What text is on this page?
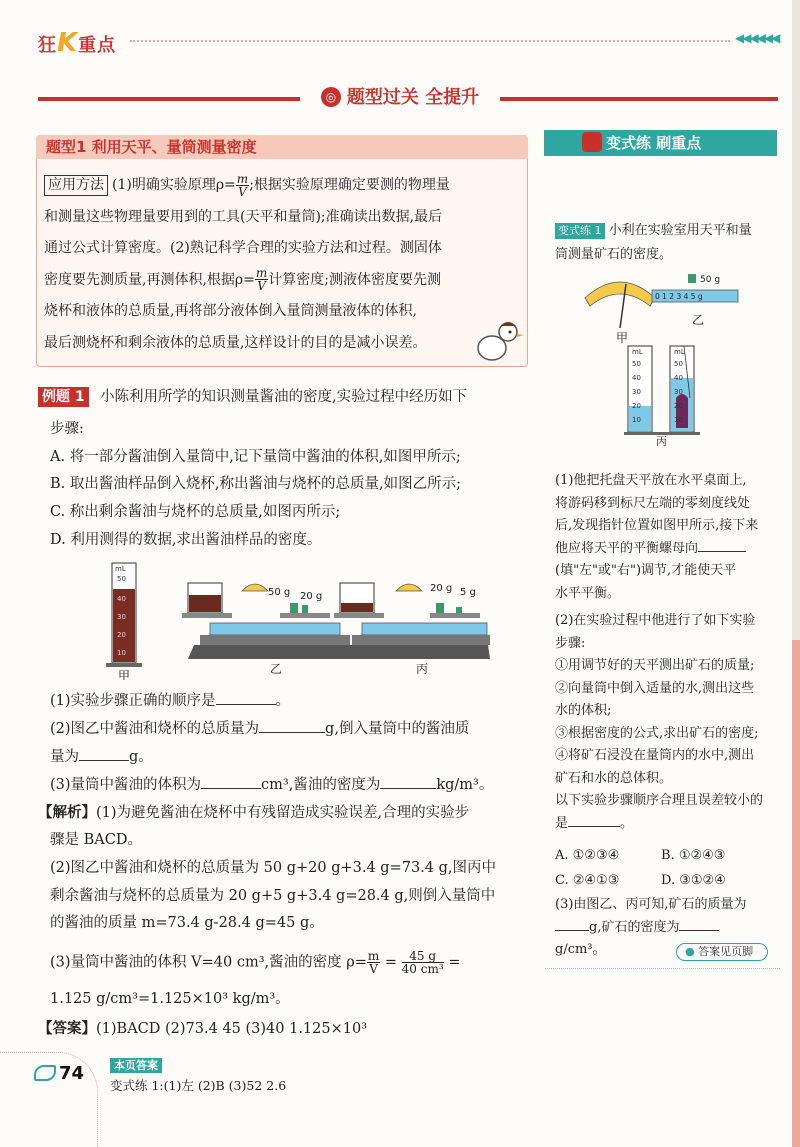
狂K重点	◀◀◀◀◀◀
◎ 题型过关 全提升
题型1 利用天平、量筒测量密度
应用方法 (1)明确实验原理$\rho= \frac{m}{V}$ ;根据实验原理确定要测的物理量
和测量这些物理量要用到的工具(天平和量筒);准确读出数据,最后
通过公式计算密度。(2)熟记科学合理的实验方法和过程。测固体
密度要先测质量,再测体积,根据$\rho= \frac{m}{V}$ 计算密度;测液体密度要先测
烧杯和液体的总质量,再将部分液体倒入量筒测量液体的体积,
最后测烧杯和剩余液体的总质量,这样设计的目的是减小误差。
例题 1 小陈利用所学的知识测量酱油的密度,实验过程中经历如下
步骤:
A. 将一部分酱油倒入量筒中,记下量筒中酱油的体积,如图甲所示;
B. 取出酱油样品倒入烧杯,称出酱油与烧杯的总质量,如图乙所示;
C. 称出剩余酱油与烧杯的总质量,如图丙所示;
D. 利用测得的数据,求出酱油样品的密度。
mL
50
40
30
20
10
甲
50 g 20 g
乙
20 g 5 g
丙
(1)实验步骤正确的顺序是	。
(2)图乙中酱油和烧杯的总质量为	g,倒入量筒中的酱油质
量为	g。
(3)量筒中酱油的体积为	cm³,酱油的密度为	kg/m³。
【解析】(1)为避免酱油在烧杯中有残留造成实验误差,合理的实验步
骤是 BACD。
(2)图乙中酱油和烧杯的总质量为 50 g+20 g+3.4 g=73.4 g,图丙中
剩余酱油与烧杯的总质量为 20 g+5 g+3.4 g=28.4 g,则倒入量筒中
的酱油的质量 m=73.4 g-28.4 g=45 g。
(3)量筒中酱油的体积 V=40 cm³,酱油的密度 $\rho= \frac{m}{V} = \frac{45 g}{\text{40 cm³}}$ =
1.125 g/cm³=1.125×10³ kg/m³。
【答案】(1)BACD (2)73.4 45 (3)40 1.125×10³
变式练 刷重点
变式练 1 小利在实验室用天平和量
筒测量矿石的密度。
甲
50 g
0 1 2 3 4 5 g
乙
mL
50
40
30
20
10
mL
50
40
30
20
10
丙
(1)他把托盘天平放在水平桌面上,
将游码移到标尺左端的零刻度线处
后,发现指针位置如图甲所示,接下来
他应将天平的平衡螺母向
(填"左"或"右")调节,才能使天平
水平平衡。
(2)在实验过程中他进行了如下实验
步骤:
①用调节好的天平测出矿石的质量;
②向量筒中倒入适量的水,测出这些
水的体积;
③根据密度的公式,求出矿石的密度;
④将矿石浸没在量筒内的水中,测出
矿石和水的总体积。
以下实验步骤顺序合理且误差较小的
是	。
A. ①②③④	B. ①②④③
C. ②④①③	D. ③①②④
(3)由图乙、丙可知,矿石的质量为
g,矿石的密度为g/cm³。	● 答案见页脚
74	本页答案
变式练 1:(1)左 (2)B (3)52 2.6
